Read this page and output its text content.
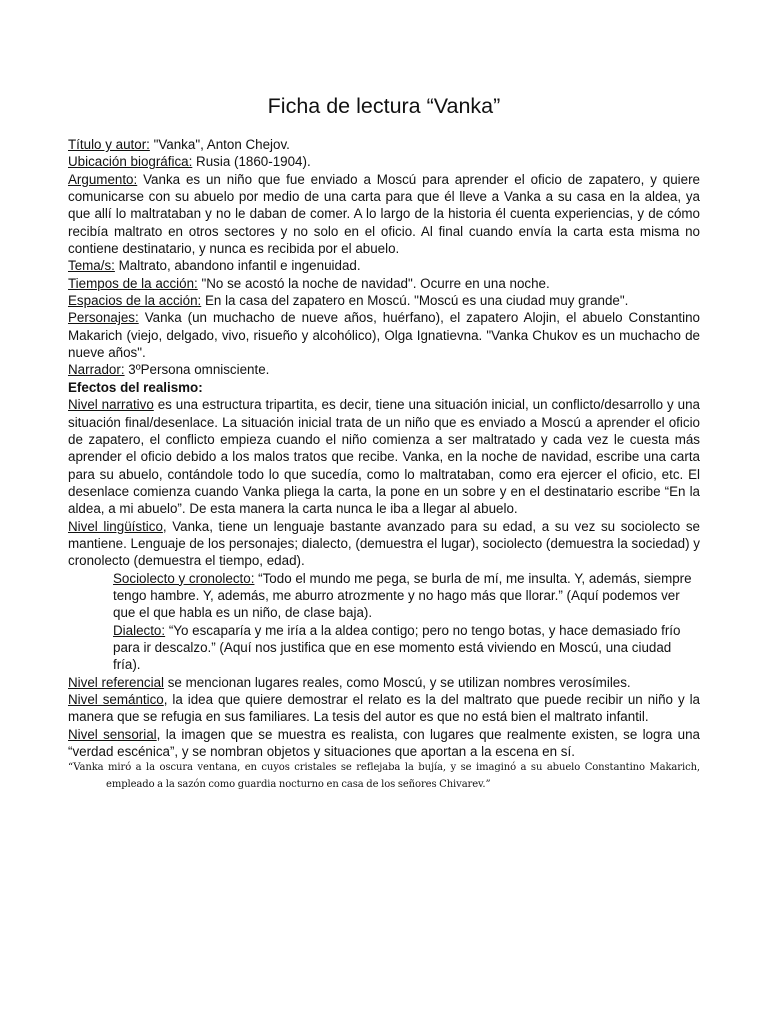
Ficha de lectura “Vanka”

Título y autor: "Vanka", Anton Chejov.

Ubicación biográfica: Rusia (1860-1904).

Argumento: Vanka es un niño que fue enviado a Moscú para aprender el oficio de zapatero, y quiere comunicarse con su abuelo por medio de una carta para que él lleve a Vanka a su casa en la aldea, ya que allí lo maltrataban y no le daban de comer. A lo largo de la historia él cuenta experiencias, y de cómo recibía maltrato en otros sectores y no solo en el oficio. Al final cuando envía la carta esta misma no contiene destinatario, y nunca es recibida por el abuelo.

Tema/s: Maltrato, abandono infantil e ingenuidad.

Tiempos de la acción: "No se acostó la noche de navidad". Ocurre en una noche.

Espacios de la acción: En la casa del zapatero en Moscú. "Moscú es una ciudad muy grande".

Personajes: Vanka (un muchacho de nueve años, huérfano), el zapatero Alojin, el abuelo Constantino Makarich (viejo, delgado, vivo, risueño y alcohólico), Olga Ignatievna. "Vanka Chukov es un muchacho de nueve años".

Narrador: 3ºPersona omnisciente.

Efectos del realismo:

Nivel narrativo es una estructura tripartita, es decir, tiene una situación inicial, un conflicto/desarrollo y una situación final/desenlace. La situación inicial trata de un niño que es enviado a Moscú a aprender el oficio de zapatero, el conflicto empieza cuando el niño comienza a ser maltratado y cada vez le cuesta más aprender el oficio debido a los malos tratos que recibe. Vanka, en la noche de navidad, escribe una carta para su abuelo, contándole todo lo que sucedía, como lo maltrataban, como era ejercer el oficio, etc. El desenlace comienza cuando Vanka pliega la carta, la pone en un sobre y en el destinatario escribe “En la aldea, a mi abuelo”. De esta manera la carta nunca le iba a llegar al abuelo.

Nivel lingüístico, Vanka, tiene un lenguaje bastante avanzado para su edad, a su vez su sociolecto se mantiene. Lenguaje de los personajes; dialecto, (demuestra el lugar), sociolecto (demuestra la sociedad) y cronolecto (demuestra el tiempo, edad).

Sociolecto y cronolecto: “Todo el mundo me pega, se burla de mí, me insulta. Y, además, siempre tengo hambre. Y, además, me aburro atrozmente y no hago más que llorar.” (Aquí podemos ver que el que habla es un niño, de clase baja).

Dialecto: “Yo escaparía y me iría a la aldea contigo; pero no tengo botas, y hace demasiado frío para ir descalzo.” (Aquí nos justifica que en ese momento está viviendo en Moscú, una ciudad fría).

Nivel referencial se mencionan lugares reales, como Moscú, y se utilizan nombres verosímiles.

Nivel semántico, la idea que quiere demostrar el relato es la del maltrato que puede recibir un niño y la manera que se refugia en sus familiares. La tesis del autor es que no está bien el maltrato infantil.

Nivel sensorial, la imagen que se muestra es realista, con lugares que realmente existen, se logra una “verdad escénica”, y se nombran objetos y situaciones que aportan a la escena en sí.

“Vanka miró a la oscura ventana, en cuyos cristales se reflejaba la bujía, y se imaginó a su abuelo Constantino Makarich, empleado a la sazón como guardia nocturno en casa de los señores Chivarev.”
